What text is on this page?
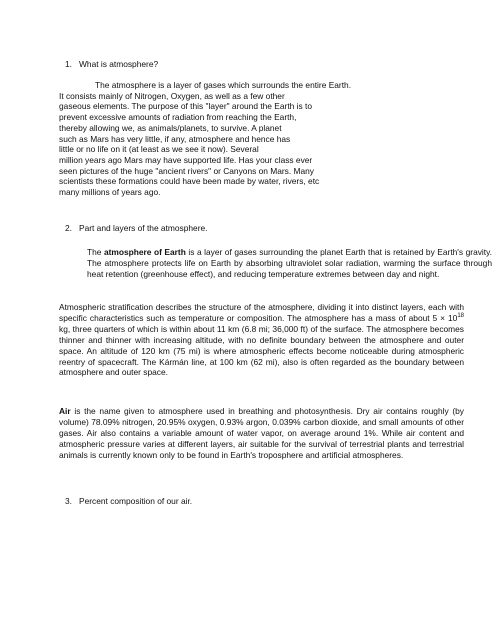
1. What is atmosphere?
The atmosphere is a layer of gases which surrounds the entire Earth.
It consists mainly of Nitrogen, Oxygen, as well as a few other
gaseous elements. The purpose of this "layer" around the Earth is to
prevent excessive amounts of radiation from reaching the Earth,
thereby allowing we, as animals/planets, to survive. A planet
such as Mars has very little, if any, atmosphere and hence has
little or no life on it (at least as we see it now). Several
million years ago Mars may have supported life. Has your class ever
seen pictures of the huge "ancient rivers" or Canyons on Mars. Many
scientists these formations could have been made by water, rivers, etc
many millions of years ago.
2. Part and layers of the atmosphere.

The atmosphere of Earth is a layer of gases surrounding the planet Earth that is retained by Earth's gravity. The atmosphere protects life on Earth by absorbing ultraviolet solar radiation, warming the surface through heat retention (greenhouse effect), and reducing temperature extremes between day and night.

Atmospheric stratification describes the structure of the atmosphere, dividing it into distinct layers, each with specific characteristics such as temperature or composition. The atmosphere has a mass of about $5 \times 10^{18}$ kg, three quarters of which is within about 11 km (6.8 mi; 36,000 ft) of the surface. The atmosphere becomes thinner and thinner with increasing altitude, with no definite boundary between the atmosphere and outer space. An altitude of 120 km (75 mi) is where atmospheric effects become noticeable during atmospheric reentry of spacecraft. The Kármán line, at 100 km (62 mi), also is often regarded as the boundary between atmosphere and outer space.

Air is the name given to atmosphere used in breathing and photosynthesis. Dry air contains roughly (by volume) 78.09% nitrogen, 20.95% oxygen, 0.93% argon, 0.039% carbon dioxide, and small amounts of other gases. Air also contains a variable amount of water vapor, on average around 1%. While air content and atmospheric pressure varies at different layers, air suitable for the survival of terrestrial plants and terrestrial animals is currently known only to be found in Earth's troposphere and artificial atmospheres.

3. Percent composition of our air.
